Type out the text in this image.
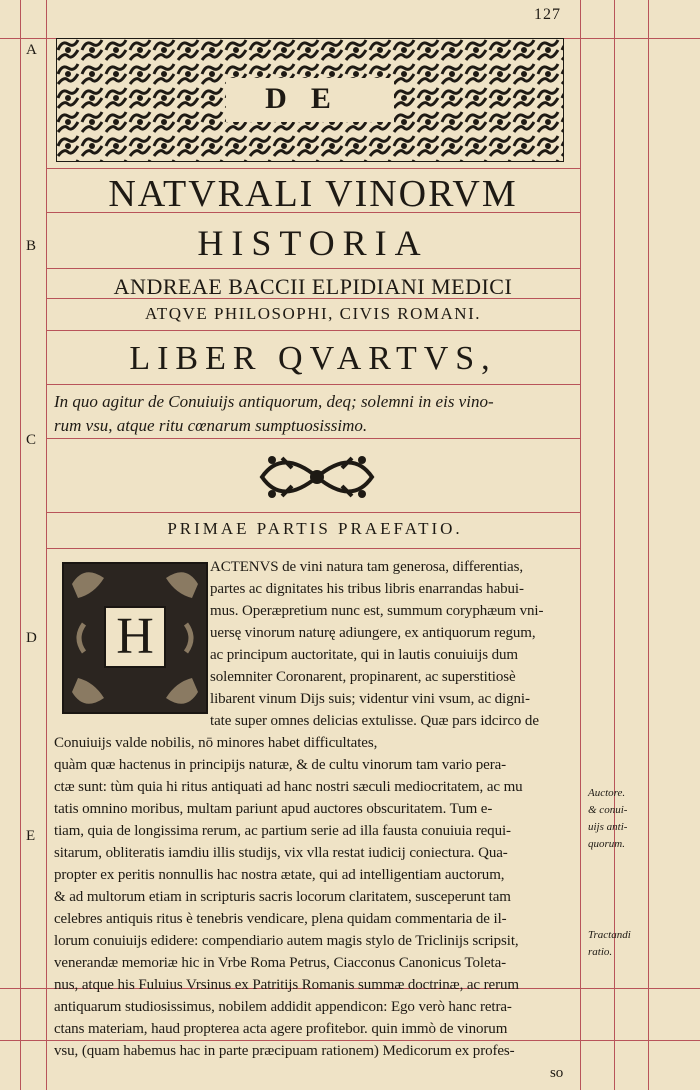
127
A
B
C
D
E
DE
NATVRALI VINORVM
HISTORIA
ANDREAE BACCII ELPIDIANI MEDICI
ATQVE PHILOSOPHI, CIVIS ROMANI.
LIBER QVARTVS,
In quo agitur de Conuiuijs antiquorum, deq; solemni in eis vino-
rum vsu, atque ritu cœnarum sumptuosissimo.
PRIMAE PARTIS PRAEFATIO.
H
ACTENVS de vini natura tam generosa, differentias,
partes ac dignitates his tribus libris enarrandas habui-
mus. Operæpretium nunc est, summum coryphæum vni-
uersę vinorum naturę adiungere, ex antiquorum regum,
ac principum auctoritate, qui in lautis conuiuijs dum
solemniter Coronarent, propinarent, ac superstitiosè
libarent vinum Dijs suis; videntur vini vsum, ac digni-
tate super omnes delicias extulisse. Quæ pars idcirco de
Conuiuijs valde nobilis, nō minores habet difficultates,
quàm quæ hactenus in principijs naturæ, & de cultu vinorum tam vario pera-
ctæ sunt: tùm quia hi ritus antiquati ad hanc nostri sæculi mediocritatem, ac mu
tatis omnino moribus, multam pariunt apud auctores obscuritatem. Tum e-
tiam, quia de longissima rerum, ac partium serie ad illa fausta conuiuia requi-
sitarum, obliteratis iamdiu illis studijs, vix vlla restat iudicij coniectura. Qua-
propter ex peritis nonnullis hac nostra ætate, qui ad intelligentiam auctorum,
& ad multorum etiam in scripturis sacris locorum claritatem, susceperunt tam
celebres antiquis ritus è tenebris vendicare, plena quidam commentaria de il-
lorum conuiuijs edidere: compendiario autem magis stylo de Triclinijs scripsit,
venerandæ memoriæ hic in Vrbe Roma Petrus, Ciacconus Canonicus Toleta-
nus, atque his Fuluius Vrsinus ex Patritijs Romanis summæ doctrinæ, ac rerum
antiquarum studiosissimus, nobilem addidit appendicon: Ego verò hanc retra-
ctans materiam, haud propterea acta agere profitebor. quin immò de vinorum
vsu, (quam habemus hac in parte præcipuam rationem) Medicorum ex profes-
so
Auctore.
& conui-
uijs anti-
quorum.
Tractandi
ratio.
